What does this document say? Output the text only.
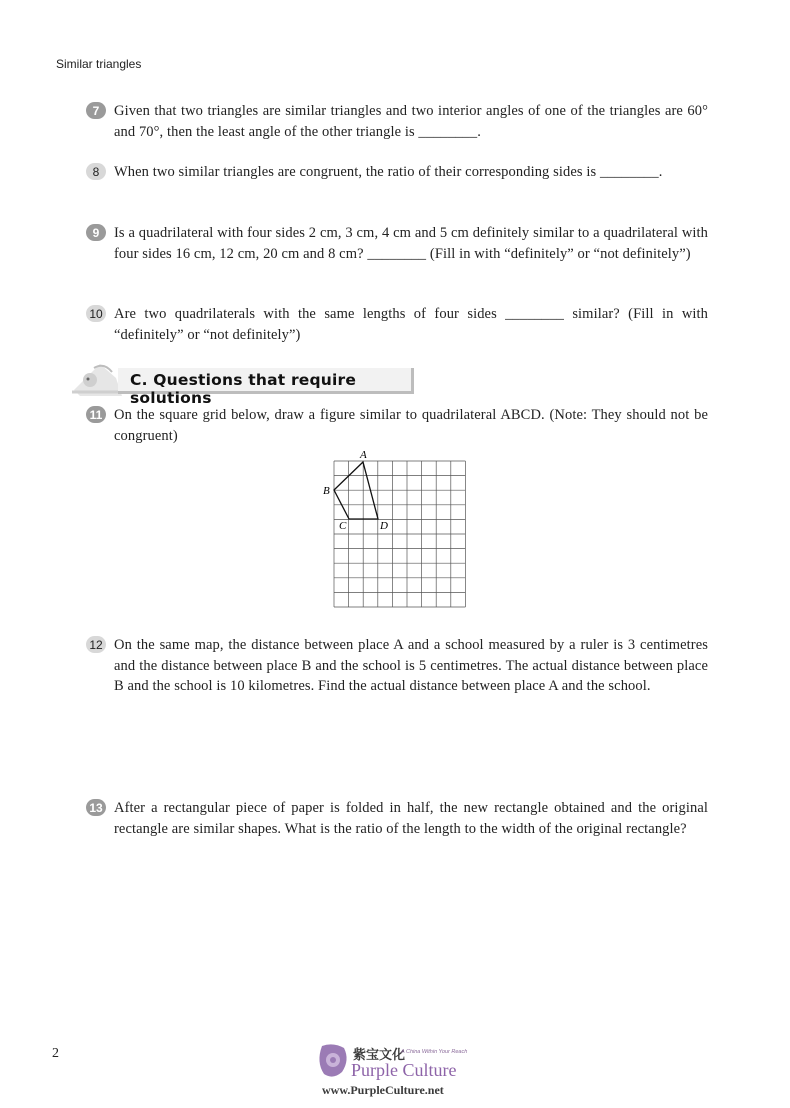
Similar triangles
7	Given that two triangles are similar triangles and two interior angles of one of the triangles are 60° and 70°, then the least angle of the other triangle is ________.
8	When two similar triangles are congruent, the ratio of their corresponding sides is ________.
9	Is a quadrilateral with four sides 2 cm, 3 cm, 4 cm and 5 cm definitely similar to a quadrilateral with four sides 16 cm, 12 cm, 20 cm and 8 cm? ________ (Fill in with “definitely” or “not definitely”)
10 Are two quadrilaterals with the same lengths of four sides ________ similar? (Fill in with “definitely” or “not definitely”)
C. Questions that require solutions
11 On the square grid below, draw a figure similar to quadrilateral ABCD. (Note: They should not be congruent)
A
B
C	D
12 On the same map, the distance between place A and a school measured by a ruler is 3 centimetres and the distance between place B and the school is 5 centimetres. The actual distance between place B and the school is 10 kilometres. Find the actual distance between place A and the school.
13 After a rectangular piece of paper is folded in half, the new rectangle obtained and the original rectangle are similar shapes. What is the ratio of the length to the width of the original rectangle?
2	紫宝文化
A China Within Your Reach
Purple Culture
www.PurpleCulture.net
